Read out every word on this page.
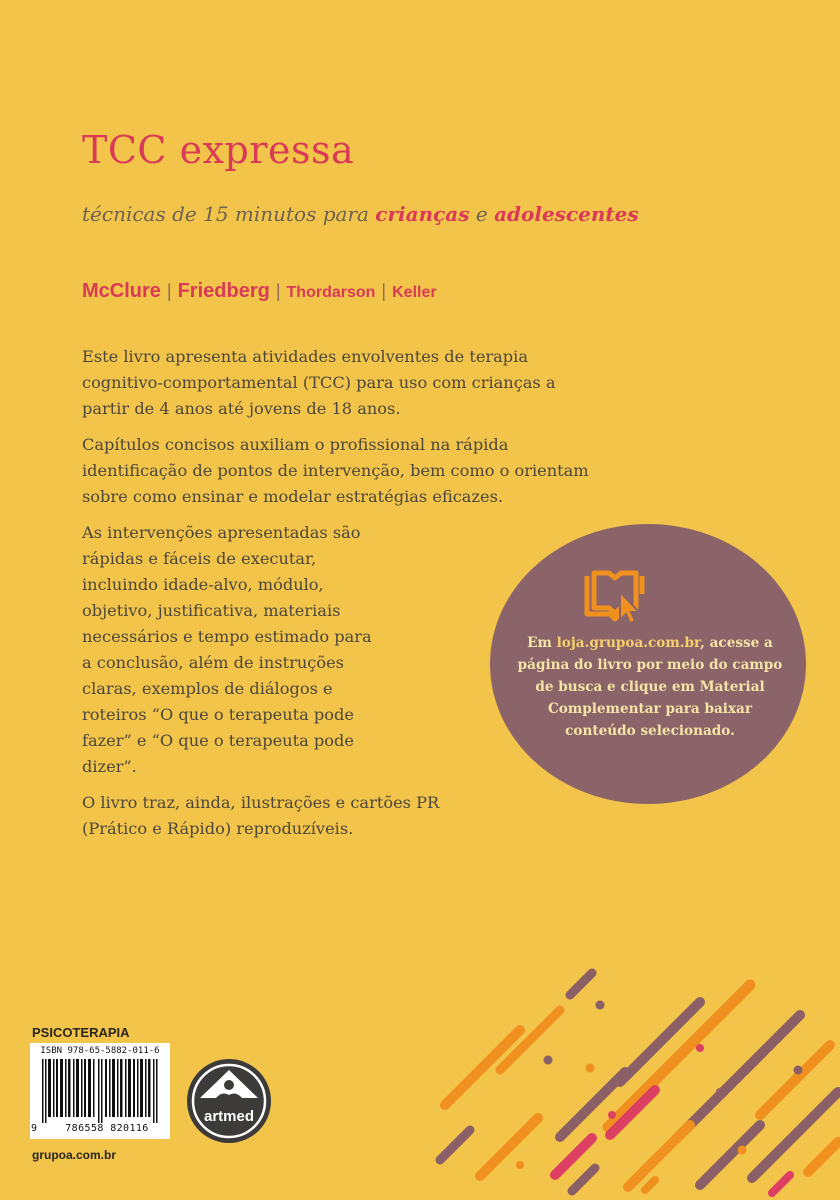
TCC expressa
técnicas de 15 minutos para crianças e adolescentes
McClure | Friedberg | Thordarson | Keller

Este livro apresenta atividades envolventes de terapia cognitivo-comportamental (TCC) para uso com crianças a partir de 4 anos até jovens de 18 anos.

Capítulos concisos auxiliam o profissional na rápida identificação de pontos de intervenção, bem como o orientam sobre como ensinar e modelar estratégias eficazes.

As intervenções apresentadas são rápidas e fáceis de executar, incluindo idade-alvo, módulo, objetivo, justificativa, materiais necessários e tempo estimado para a conclusão, além de instruções claras, exemplos de diálogos e roteiros “O que o terapeuta pode fazer” e “O que o terapeuta pode dizer”.

O livro traz, ainda, ilustrações e cartões PR (Prático e Rápido) reproduzíveis.

Em loja.grupoa.com.br, acesse a página do livro por meio do campo de busca e clique em Material Complementar para baixar conteúdo selecionado.
PSICOTERAPIA
ISBN 978-65-5882-011-6
9	786558 820116
artmed
grupoa.com.br
